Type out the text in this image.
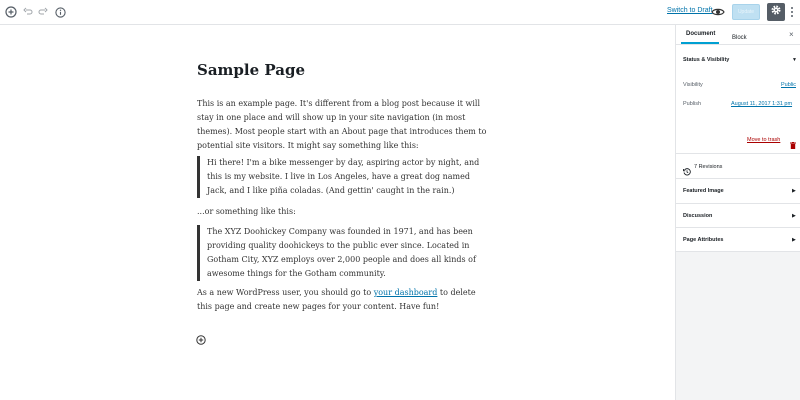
Switch to Draft	Update
Sample Page

This is an example page. It's different from a blog post because it will stay in one place and will show up in your site navigation (in most themes). Most people start with an About page that introduces them to potential site visitors. It might say something like this:

Hi there! I'm a bike messenger by day, aspiring actor by night, and this is my website. I live in Los Angeles, have a great dog named Jack, and I like piña coladas. (And gettin' caught in the rain.)

...or something like this:

The XYZ Doohickey Company was founded in 1971, and has been providing quality doohickeys to the public ever since. Located in Gotham City, XYZ employs over 2,000 people and does all kinds of awesome things for the Gotham community.

As a new WordPress user, you should go to your dashboard to delete this page and create new pages for your content. Have fun!

Document
Block	×
Status & Visibility	▼
Visibility	Public
Publish	August 11, 2017 1:31 pm
Move to trash
7 Revisions
Featured Image	▶
Discussion	▶
Page Attributes	▶
